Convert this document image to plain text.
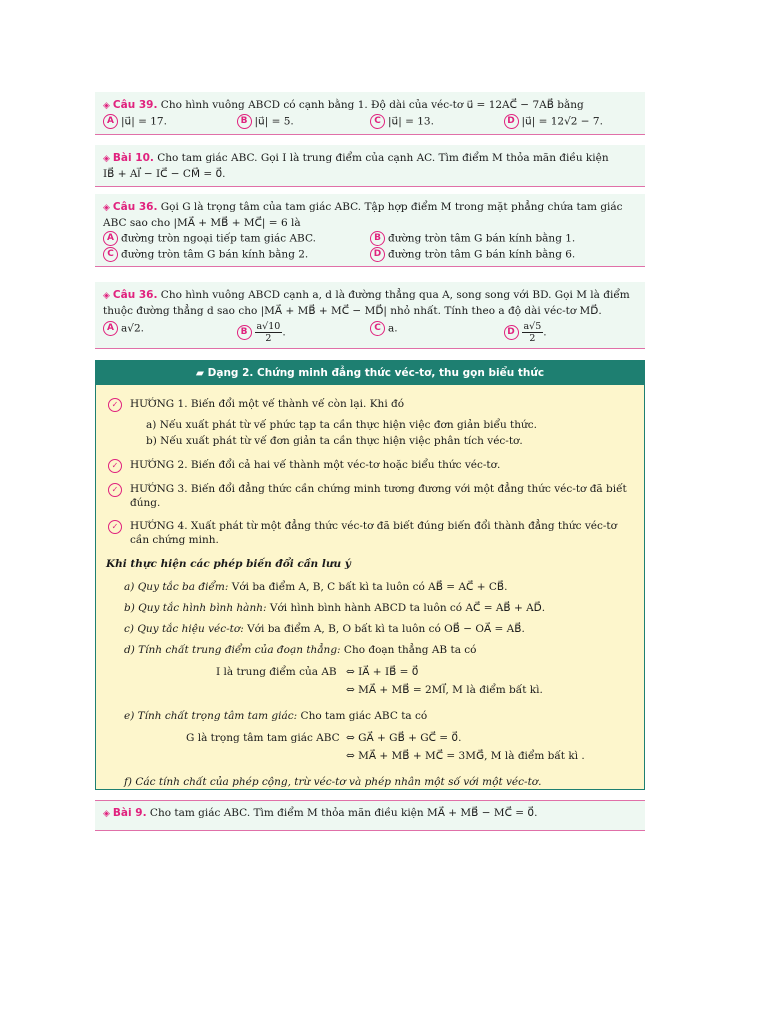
◈ Câu 39. Cho hình vuông ABCD có cạnh bằng 1. Độ dài của véc-tơ u⃗ = 12AC⃗ − 7AB⃗ bằng
A |u⃗| = 17.	B |u⃗| = 5.	C |u⃗| = 13.	D |u⃗| = 12√2 − 7.
◈ Bài 10. Cho tam giác ABC. Gọi I là trung điểm của cạnh AC. Tìm điểm M thỏa mãn điều kiện
IB⃗ + AI⃗ − IC⃗ − CM⃗ = 0⃗.
◈ Câu 36. Gọi G là trọng tâm của tam giác ABC. Tập hợp điểm M trong mặt phẳng chứa tam giác
ABC sao cho |MA⃗ + MB⃗ + MC⃗| = 6 là
A đường tròn ngoại tiếp tam giác ABC.	B đường tròn tâm G bán kính bằng 1.
C đường tròn tâm G bán kính bằng 2.	D đường tròn tâm G bán kính bằng 6.
◈ Câu 36. Cho hình vuông ABCD cạnh a, d là đường thẳng qua A, song song với BD. Gọi M là điểm
thuộc đường thẳng d sao cho |MA⃗ + MB⃗ + MC⃗ − MD⃗| nhỏ nhất. Tính theo a độ dài véc-tơ MD⃗.
A a√2.	B $\frac{a√10}{2}$ .	C a.	D $\frac{a√5}{2}$ .
▰ Dạng 2. Chứng minh đẳng thức véc-tơ, thu gọn biểu thức
✓	HƯỚNG 1. Biến đổi một vế thành vế còn lại. Khi đó
a) Nếu xuất phát từ vế phức tạp ta cần thực hiện việc đơn giản biểu thức.
b) Nếu xuất phát từ vế đơn giản ta cần thực hiện việc phân tích véc-tơ.
✓	HƯỚNG 2. Biến đổi cả hai vế thành một véc-tơ hoặc biểu thức véc-tơ.
✓	HƯỚNG 3. Biến đổi đẳng thức cần chứng minh tương đương với một đẳng thức véc-tơ đã biết đúng.
✓	HƯỚNG 4. Xuất phát từ một đẳng thức véc-tơ đã biết đúng biến đổi thành đẳng thức véc-tơ cần chứng minh.
Khi thực hiện các phép biến đổi cần lưu ý
a) Quy tắc ba điểm: Với ba điểm A, B, C bất kì ta luôn có AB⃗ = AC⃗ + CB⃗.
b) Quy tắc hình bình hành: Với hình bình hành ABCD ta luôn có AC⃗ = AB⃗ + AD⃗.
c) Quy tắc hiệu véc-tơ: Với ba điểm A, B, O bất kì ta luôn có OB⃗ − OA⃗ = AB⃗.
d) Tính chất trung điểm của đoạn thẳng: Cho đoạn thẳng AB ta có
I là trung điểm của AB ⇔ IA⃗ + IB⃗ = 0⃗
⇔ MA⃗ + MB⃗ = 2MI⃗, M là điểm bất kì.
e) Tính chất trọng tâm tam giác: Cho tam giác ABC ta có
G là trọng tâm tam giác ABC ⇔ GA⃗ + GB⃗ + GC⃗ = 0⃗.
⇔ MA⃗ + MB⃗ + MC⃗ = 3MG⃗, M là điểm bất kì .
f) Các tính chất của phép cộng, trừ véc-tơ và phép nhân một số với một véc-tơ.
◈ Bài 9. Cho tam giác ABC. Tìm điểm M thỏa mãn điều kiện MA⃗ + MB⃗ − MC⃗ = 0⃗.
